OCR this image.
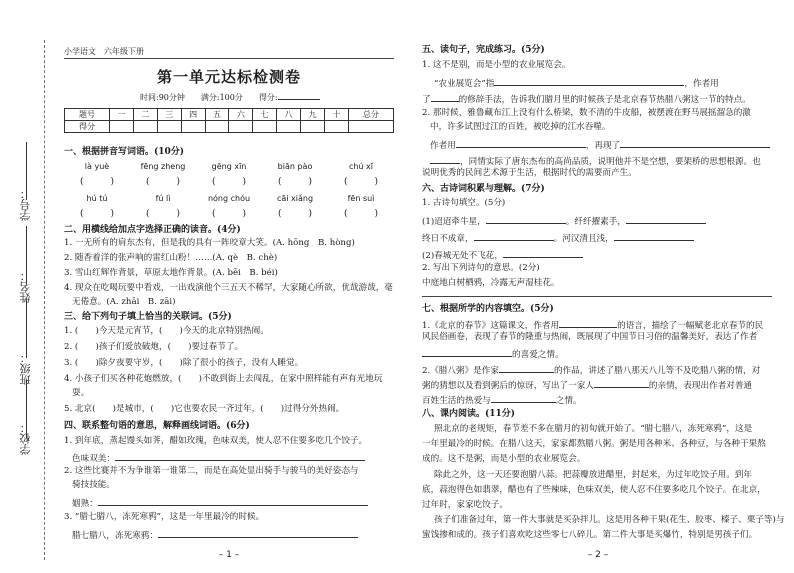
学号：
姓名：
班级：
学校：
小学语文　六年级下册
第一单元达标检测卷
时间:90分钟　　满分:100分　　得分:
题号	一	二	三	四	五	六	七	八	九	十	总分
得分											
一、根据拼音写词语。(10分)
là yuè
(　　　)
fēng zheng
(　　　)
gēng xīn
(　　　)
biān pào
(　　　)
chú xī
(　　　)
hú tú
(　　　)
fú lì
(　　　)
nóng chóu
(　　　)
cāi xiǎng
(　　　)
fēn suì
(　　　)
二、用横线给加点字选择正确的读音。(4分)
1. 一无所有的肩东杰有，但是我的具有一阵咬章大笑。(A. hōng　B. hòng)
2. 随香着洋的张声响的雷红山粉！……(A. qè　B. chè)
3. 雪山红辉作背景，草原太地作背景。(A. bēi　B. béi)
4. 现众在吃喝玩要中看戏，一出戏演他个三五天不稀罕，大家随心所欲，优哉游哉，毫
无倦意。(A. zhāi　B. zāi)
三、给下列句子填上恰当的关联词。(5分)
1. (　　)今天是元宵节，(　　)今天的北京特别热闹。
2. (　　)孩子们爱放破炮，(　　)要过春节了。
3. (　　)除夕夜要守岁，(　　)除了很小的孩子，没有人睡觉。
4. 小孩子们买各种花炮燃放，(　　)不敢到街上去闯乱，在家中照样能有声有光地玩
耍。
5. 北京(　　)是城市，(　　)它也要农民一齐过年，(　　)过得分外热闹。
四、联系整句语的意思，解释画线词语。(6分)
1. 到年底，蒸起馒头如荠，醋如玫瑰，色味双美，使人忍不住要多吃几个饺子。
色味双美：
2. 这些比赛并不为争谁第一谁第二，而是在高处显出骑手与骏马的美好姿态与
骑技技能。
姻熟：
3. “腊七腊八，冻死寒鸦”，这是一年里最冷的时候。
腊七腊八，冻死寒鸦：
– 1 –
五、读句子，完成练习。(5分)
1. 这不是别，而是小型的农业展览会。
“农业展览会”指	，作者用
了	的修辞手法，告诉我们腊月里的时候孩子是北京春节热腊八粥这一节的特点。
2. 那时候，雅鲁藏布江上没有什么桥梁，数不清的牛皮船，被摆渡在野马展摇溜急的激
中，许多试图过江的百姓，被吃掉的江水吞噬。
作者用	，再现了
，同情实际了唐东杰布的高尚品质，说明他并不是空想，要架桥的思想根源。也
说明优秀的民间艺术源于生活，根据时代的需要而产生。
六、古诗词积累与理解。(7分)
1. 古诗句填空。(5分)
(1)迢迢牵牛星，	。纤纤擢素手，
终日不成章，	。河汉清且浅，
(2)春城无处不飞花，
2. 写出下列诗句的意思。(2分)
中庭地白树栖鸦，冷露无声湿桂花。
七、根据所学的内容填空。(5分)
1.《北京的春节》这篇课文，作者用	的语言，描绘了一幅赋老北京春节的民
风民俗画卷，表现了春节的隆重与热闹，既展现了中国节日习俗的温馨美好，表达了作者
的喜爱之情。
2.《腊八粥》是作家	的作品，讲述了腊八那天八儿等不及吃腊八粥的情，对
粥的猜想以及看到粥后的惊讶，写出了一家人	的亲情，表现出作者对普通
百姓生活的热爱与	之情。
八、课内阅读。(11分)
照北京的老规矩，春节差不多在腊月的初旬就开始了。“腊七腊八，冻死寒鸦”，这是
一年里最冷的时候。在腊八这天，家家都熬腊八粥。粥是用各种米、各种豆，与各种干果熬
成的。这不是粥，而是小型的农业展览会。
除此之外，这一天还要泡腊八蒜。把蒜瓣放进醋里，封起来，为过年吃饺子用。到年
底，蒜泡得色如翡翠，醋也有了些辣味，色味双美，使人忍不住要多吃几个饺子。在北京，
过年时，家家吃饺子。
孩子们准备过年，第一件大事就是买杂拌儿。这是用各种干果(花生、胶枣、榛子、栗子等)与
蜜饯掺和成的。孩子们喜欢吃这些零七八碎儿。第二件大事是买爆竹，特别是男孩子们。
– 2 –
